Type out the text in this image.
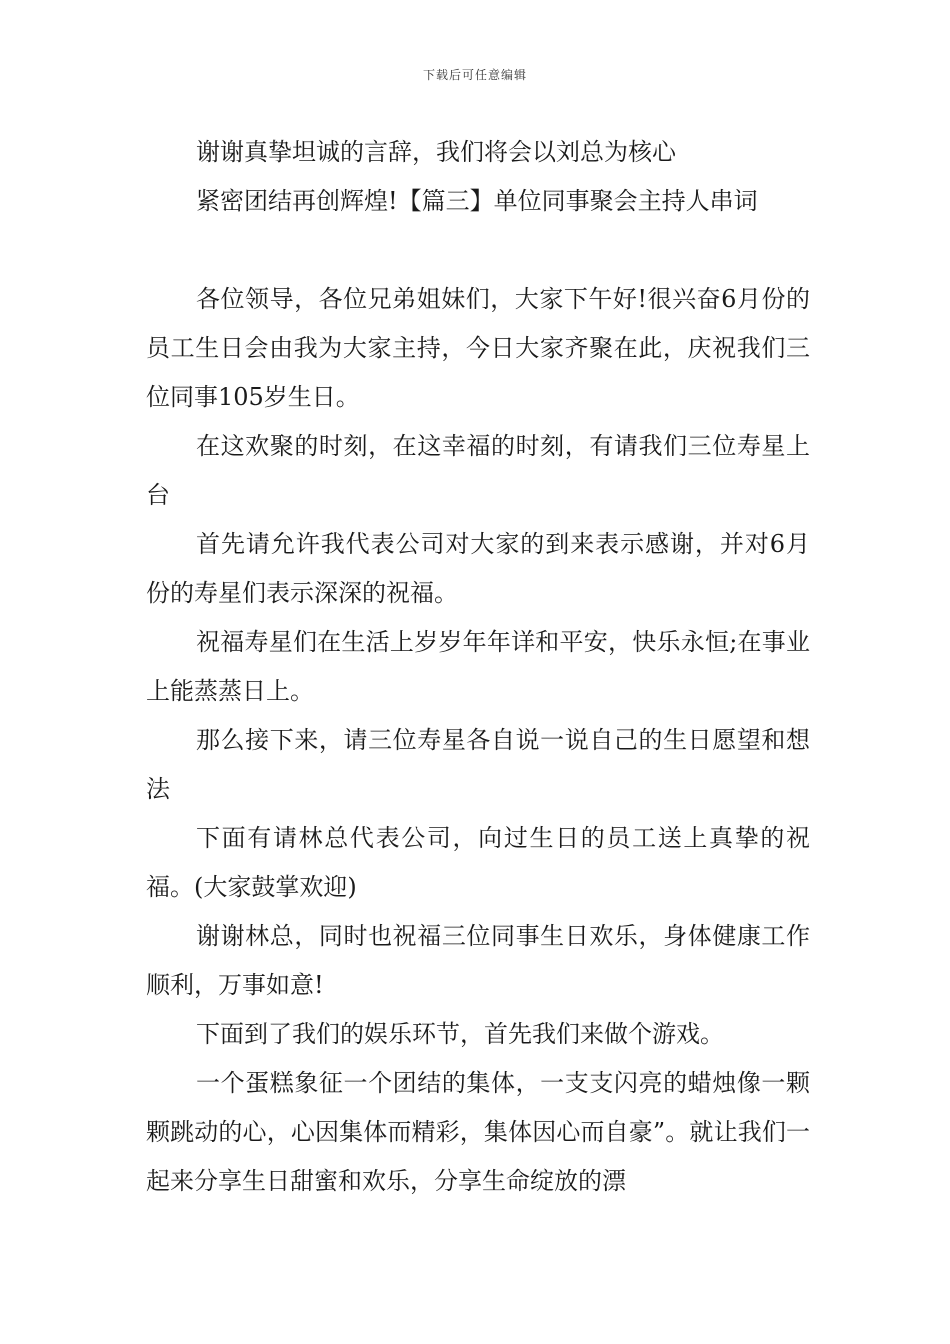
下载后可任意编辑

谢谢真挚坦诚的言辞，我们将会以刘总为核心

紧密团结再创辉煌!【篇三】单位同事聚会主持人串词

各位领导，各位兄弟姐妹们，大家下午好!很兴奋6月份的员工生日会由我为大家主持，今日大家齐聚在此，庆祝我们三位同事105岁生日。

在这欢聚的时刻，在这幸福的时刻，有请我们三位寿星上台

首先请允许我代表公司对大家的到来表示感谢，并对6月份的寿星们表示深深的祝福。

祝福寿星们在生活上岁岁年年详和平安，快乐永恒;在事业上能蒸蒸日上。

那么接下来，请三位寿星各自说一说自己的生日愿望和想法

下面有请林总代表公司，向过生日的员工送上真挚的祝福。(大家鼓掌欢迎)

谢谢林总，同时也祝福三位同事生日欢乐，身体健康工作顺利，万事如意!

下面到了我们的娱乐环节，首先我们来做个游戏。

一个蛋糕象征一个团结的集体，一支支闪亮的蜡烛像一颗颗跳动的心，心因集体而精彩，集体因心而自豪”。就让我们一起来分享生日甜蜜和欢乐，分享生命绽放的漂
